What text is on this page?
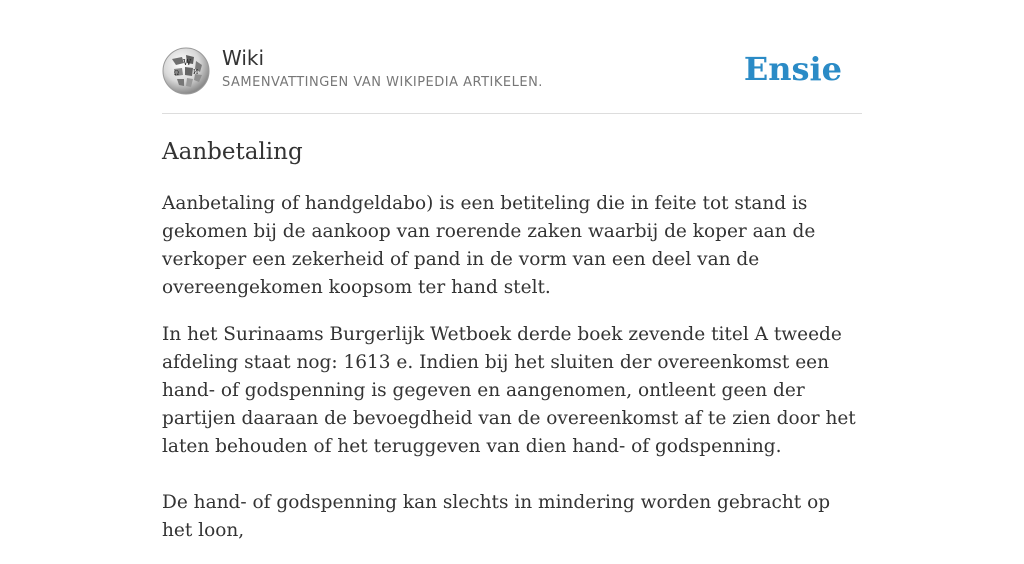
W
Ω И
Wiki
SAMENVATTINGEN VAN WIKIPEDIA ARTIKELEN.	Ensie
Aanbetaling

Aanbetaling of handgeldabo) is een betiteling die in feite tot stand is gekomen bij de aankoop van roerende zaken waarbij de koper aan de verkoper een zekerheid of pand in de vorm van een deel van de overeengekomen koopsom ter hand stelt.

In het Surinaams Burgerlijk Wetboek derde boek zevende titel A tweede afdeling staat nog: 1613 e. Indien bij het sluiten der overeenkomst een hand- of godspenning is gegeven en aangenomen, ontleent geen der partijen daaraan de bevoegdheid van de overeenkomst af te zien door het laten behouden of het teruggeven van dien hand- of godspenning.

De hand- of godspenning kan slechts in mindering worden gebracht op het loon,
